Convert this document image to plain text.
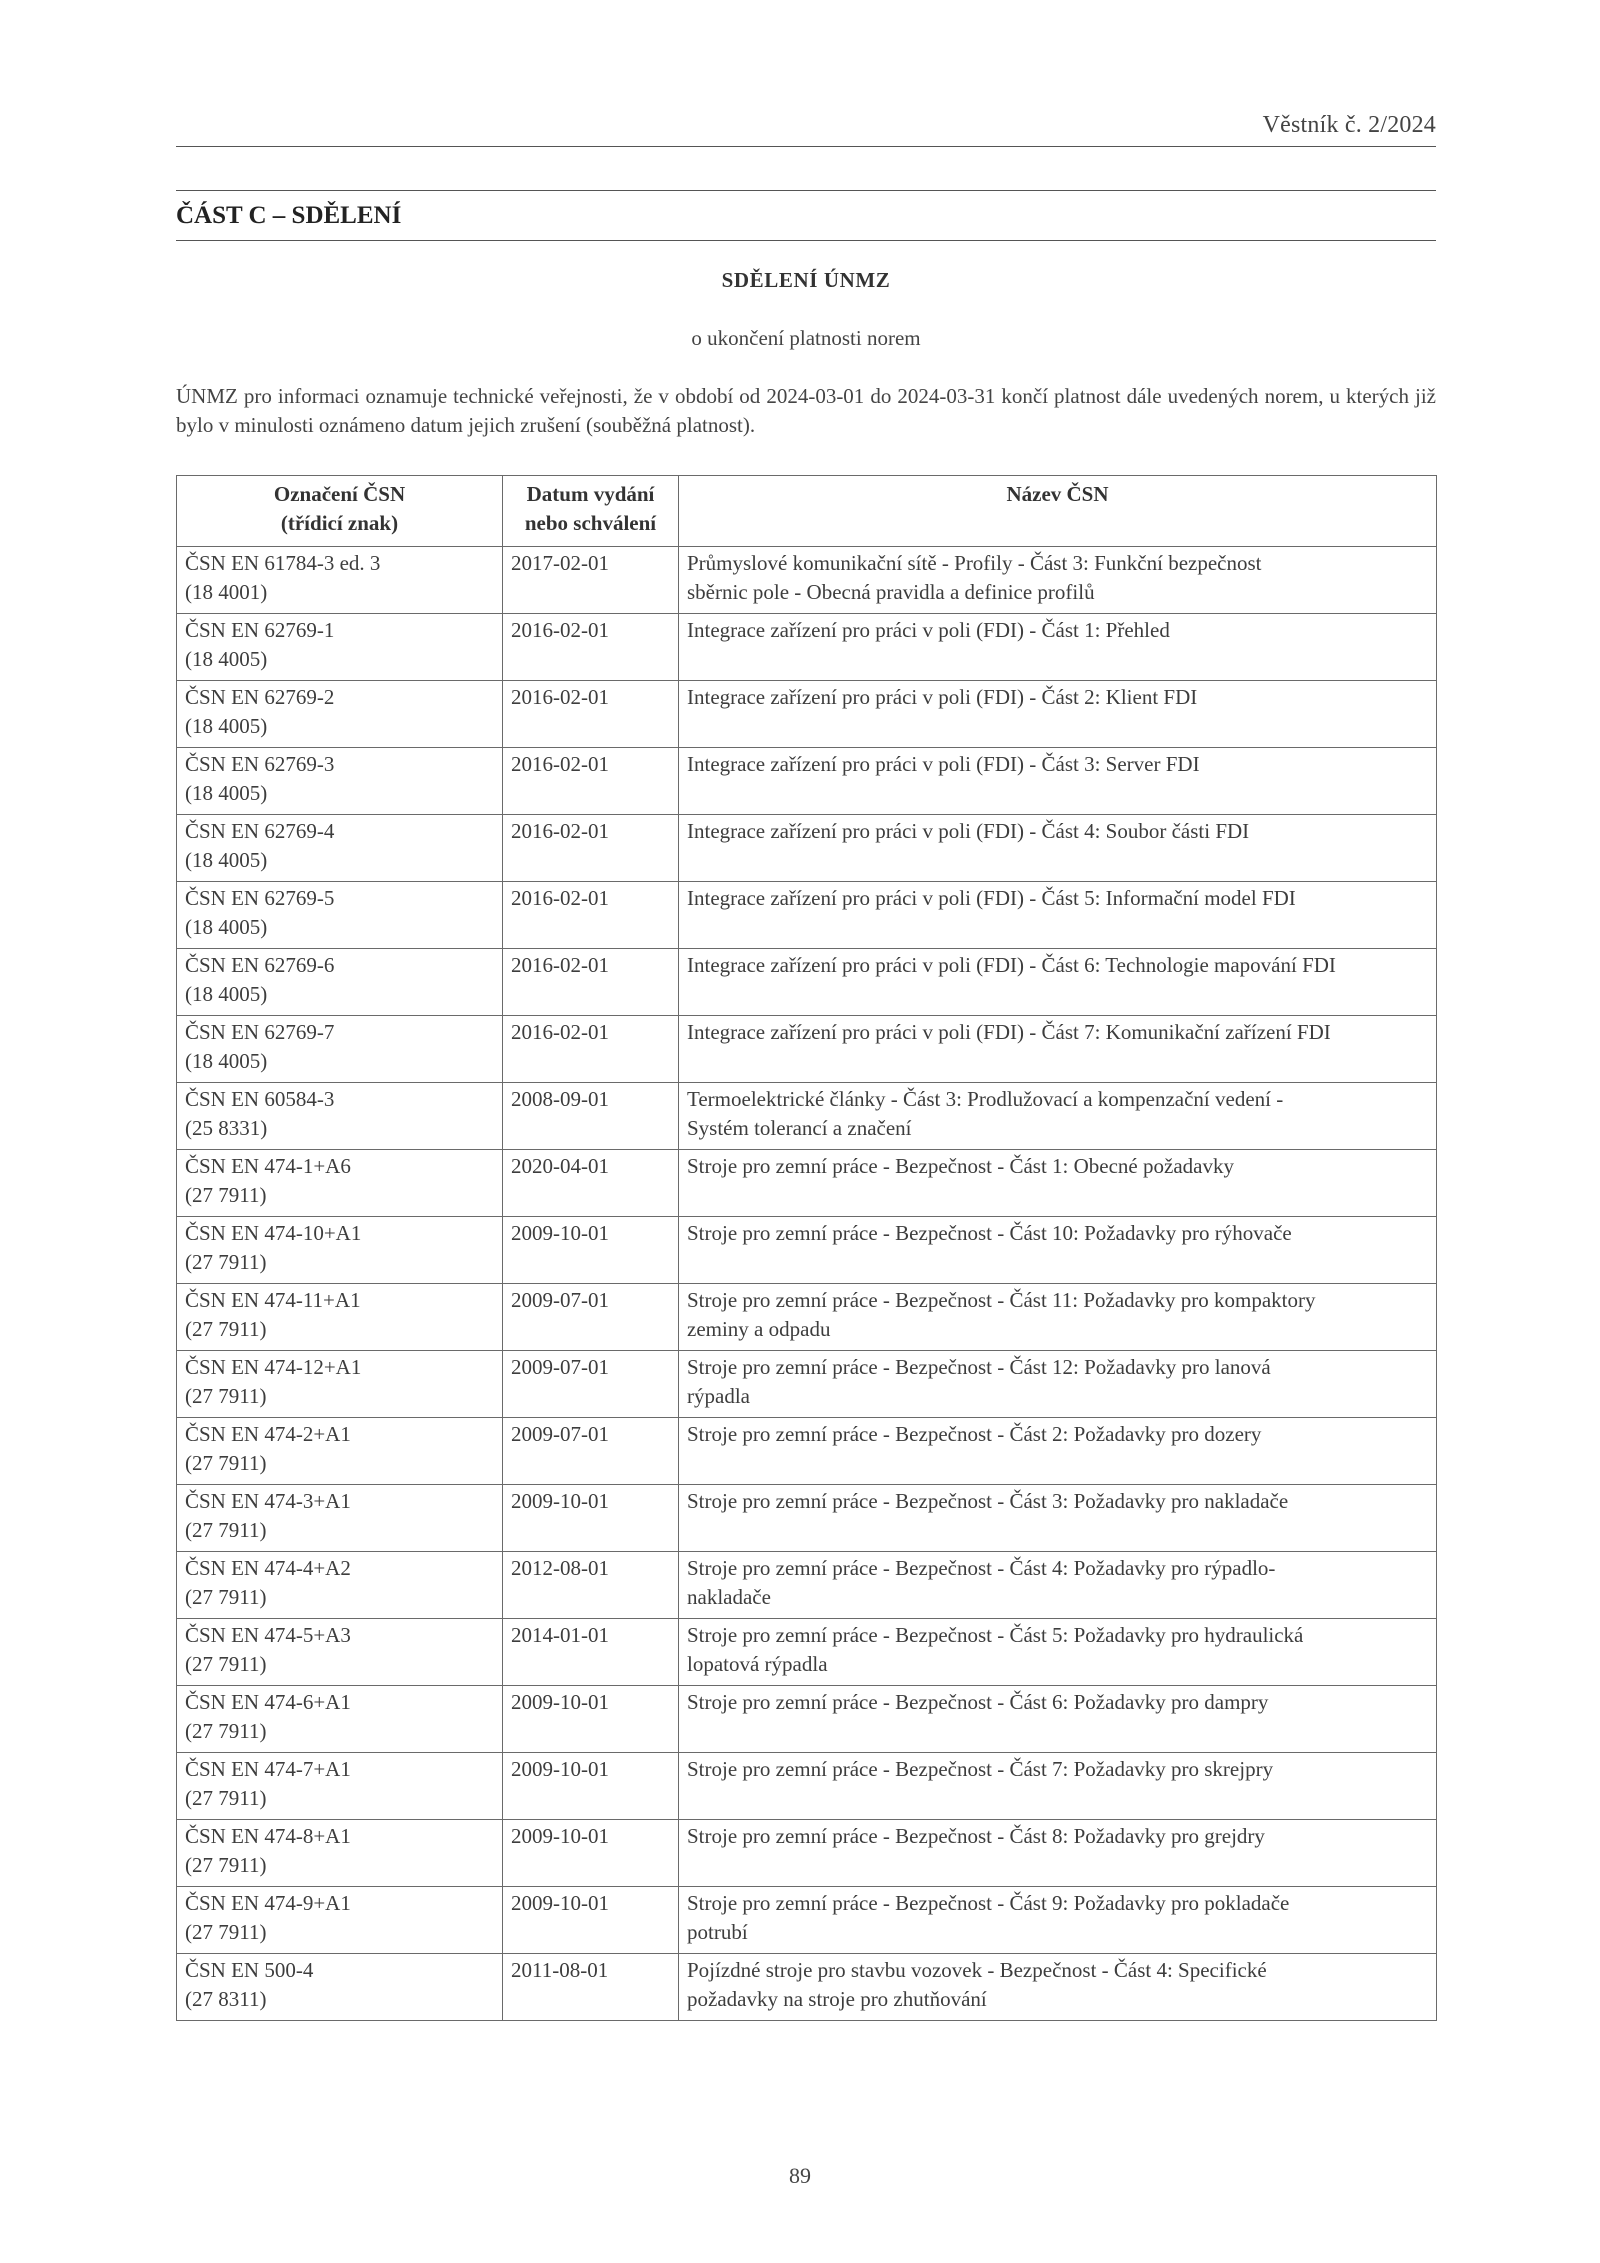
Věstník č. 2/2024
ČÁST C – SDĚLENÍ
SDĚLENÍ ÚNMZ
o ukončení platnosti norem
ÚNMZ pro informaci oznamuje technické veřejnosti, že v období od 2024-03-01 do 2024-03-31 končí platnost dále uvedených norem, u kterých již bylo v minulosti oznámeno datum jejich zrušení (souběžná platnost).
Označení ČSN
(třídicí znak)	Datum vydání
nebo schválení	Název ČSN

ČSN EN 61784-3 ed. 3
(18 4001)	2017-02-01	Průmyslové komunikační sítě - Profily - Část 3: Funkční bezpečnost
sběrnic pole - Obecná pravidla a definice profilů

ČSN EN 62769-1
(18 4005)	2016-02-01	Integrace zařízení pro práci v poli (FDI) - Část 1: Přehled

ČSN EN 62769-2
(18 4005)	2016-02-01	Integrace zařízení pro práci v poli (FDI) - Část 2: Klient FDI

ČSN EN 62769-3
(18 4005)	2016-02-01	Integrace zařízení pro práci v poli (FDI) - Část 3: Server FDI

ČSN EN 62769-4
(18 4005)	2016-02-01	Integrace zařízení pro práci v poli (FDI) - Část 4: Soubor části FDI

ČSN EN 62769-5
(18 4005)	2016-02-01	Integrace zařízení pro práci v poli (FDI) - Část 5: Informační model FDI

ČSN EN 62769-6
(18 4005)	2016-02-01	Integrace zařízení pro práci v poli (FDI) - Část 6: Technologie mapování FDI

ČSN EN 62769-7
(18 4005)	2016-02-01	Integrace zařízení pro práci v poli (FDI) - Část 7: Komunikační zařízení FDI

ČSN EN 60584-3
(25 8331)	2008-09-01	Termoelektrické články - Část 3: Prodlužovací a kompenzační vedení -
Systém tolerancí a značení

ČSN EN 474-1+A6
(27 7911)	2020-04-01	Stroje pro zemní práce - Bezpečnost - Část 1: Obecné požadavky

ČSN EN 474-10+A1
(27 7911)	2009-10-01	Stroje pro zemní práce - Bezpečnost - Část 10: Požadavky pro rýhovače

ČSN EN 474-11+A1
(27 7911)	2009-07-01	Stroje pro zemní práce - Bezpečnost - Část 11: Požadavky pro kompaktory
zeminy a odpadu

ČSN EN 474-12+A1
(27 7911)	2009-07-01	Stroje pro zemní práce - Bezpečnost - Část 12: Požadavky pro lanová
rýpadla

ČSN EN 474-2+A1
(27 7911)	2009-07-01	Stroje pro zemní práce - Bezpečnost - Část 2: Požadavky pro dozery

ČSN EN 474-3+A1
(27 7911)	2009-10-01	Stroje pro zemní práce - Bezpečnost - Část 3: Požadavky pro nakladače

ČSN EN 474-4+A2
(27 7911)	2012-08-01	Stroje pro zemní práce - Bezpečnost - Část 4: Požadavky pro rýpadlo-
nakladače

ČSN EN 474-5+A3
(27 7911)	2014-01-01	Stroje pro zemní práce - Bezpečnost - Část 5: Požadavky pro hydraulická
lopatová rýpadla

ČSN EN 474-6+A1
(27 7911)	2009-10-01	Stroje pro zemní práce - Bezpečnost - Část 6: Požadavky pro dampry

ČSN EN 474-7+A1
(27 7911)	2009-10-01	Stroje pro zemní práce - Bezpečnost - Část 7: Požadavky pro skrejpry

ČSN EN 474-8+A1
(27 7911)	2009-10-01	Stroje pro zemní práce - Bezpečnost - Část 8: Požadavky pro grejdry

ČSN EN 474-9+A1
(27 7911)	2009-10-01	Stroje pro zemní práce - Bezpečnost - Část 9: Požadavky pro pokladače
potrubí

ČSN EN 500-4
(27 8311)	2011-08-01	Pojízdné stroje pro stavbu vozovek - Bezpečnost - Část 4: Specifické
požadavky na stroje pro zhutňování
89
